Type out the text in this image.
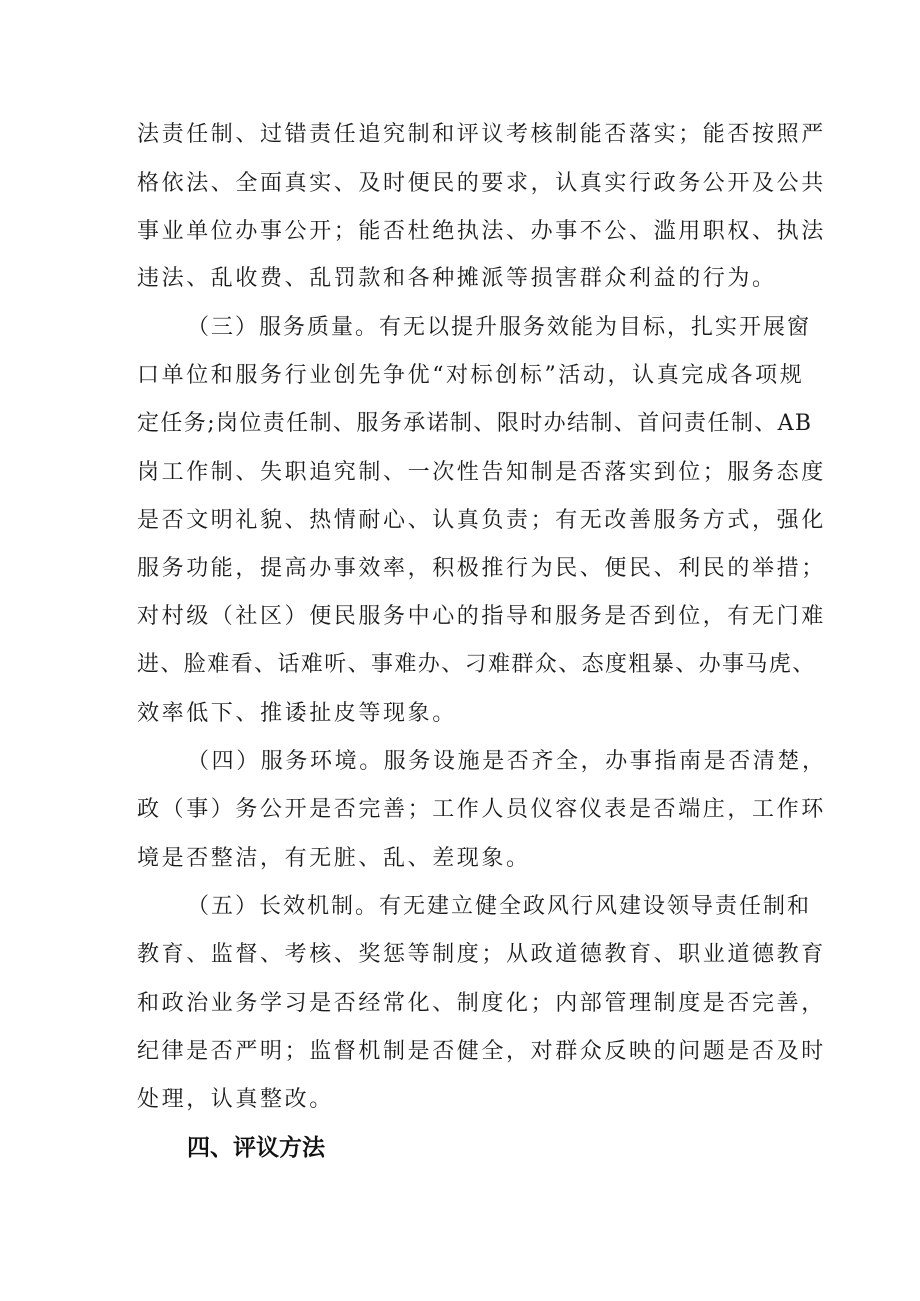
法责任制、过错责任追究制和评议考核制能否落实；能否按照严
格依法、全面真实、及时便民的要求，认真实行政务公开及公共
事业单位办事公开；能否杜绝执法、办事不公、滥用职权、执法
违法、乱收费、乱罚款和各种摊派等损害群众利益的行为。
（三）服务质量。有无以提升服务效能为目标，扎实开展窗
口单位和服务行业创先争优“对标创标”活动，认真完成各项规
定任务;岗位责任制、服务承诺制、限时办结制、首问责任制、AB
岗工作制、失职追究制、一次性告知制是否落实到位；服务态度
是否文明礼貌、热情耐心、认真负责；有无改善服务方式，强化
服务功能，提高办事效率，积极推行为民、便民、利民的举措；
对村级（社区）便民服务中心的指导和服务是否到位，有无门难
进、脸难看、话难听、事难办、刁难群众、态度粗暴、办事马虎、
效率低下、推诿扯皮等现象。
（四）服务环境。服务设施是否齐全，办事指南是否清楚，
政（事）务公开是否完善；工作人员仪容仪表是否端庄，工作环
境是否整洁，有无脏、乱、差现象。
（五）长效机制。有无建立健全政风行风建设领导责任制和
教育、监督、考核、奖惩等制度；从政道德教育、职业道德教育
和政治业务学习是否经常化、制度化；内部管理制度是否完善，
纪律是否严明；监督机制是否健全，对群众反映的问题是否及时
处理，认真整改。
四、评议方法
